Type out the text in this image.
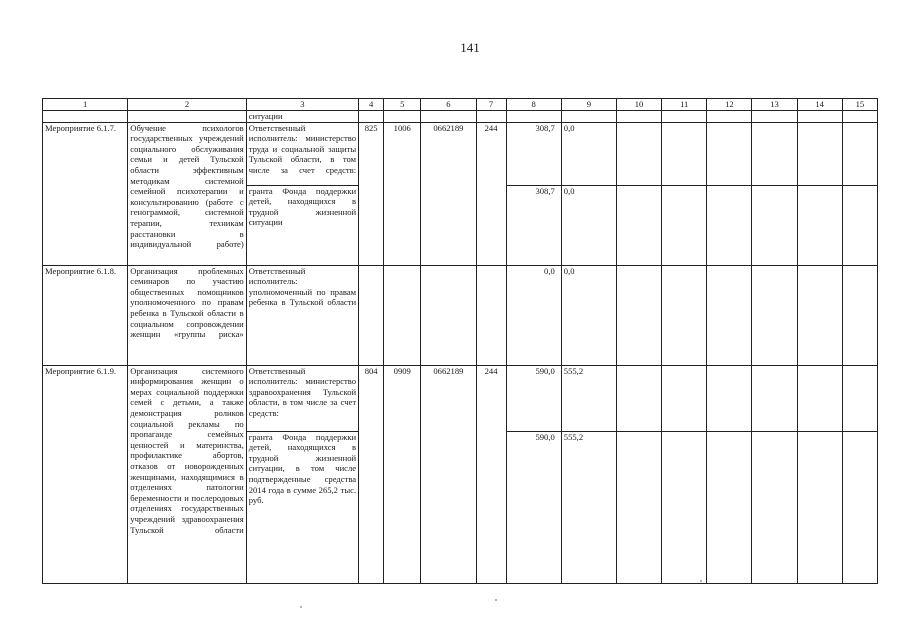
141
1	2	3	4	5	6	7	8	9	10	11	12	13	14	15
		ситуации												
Мероприятие 6.1.7.	Обучение психологов государственных учреждений социального обслуживания семьи и детей Тульской области эффективным методикам системной семейной психотерапии и консультированию (работе с генограммой, системной терапии, техникам расстановки в индивидуальной работе)	Ответственный исполнитель: министерство труда и социальной защиты Тульской области, в том числе за счет средств:	825	1006	0662189	244	308,7	0,0						
		гранта Фонда поддержки детей, находящихся в трудной жизненной ситуации					308,7	0,0						
Мероприятие 6.1.8.	Организация проблемных семинаров по участию общественных помощников уполномоченного по правам ребенка в Тульской области в социальном сопровождении женщин «группы риска»	Ответственный исполнитель: уполномоченный по правам ребенка в Тульской области					0,0	0,0						
Мероприятие 6.1.9.	Организация системного информирования женщин о мерах социальной поддержки семей с детьми, а также демонстрация роликов социальной рекламы по пропаганде семейных ценностей и материнства, профилактике абортов, отказов от новорожденных женщинами, находящимися в отделениях патологии беременности и послеродовых отделениях государственных учреждений здравоохранения Тульской области	Ответственный исполнитель: министерство здравоохранения Тульской области, в том числе за счет средств:	804	0909	0662189	244	590,0	555,2						
		гранта Фонда поддержки детей, находящихся в трудной жизненной ситуации, в том числе подтвержденные средства 2014 года в сумме 265,2 тыс. руб.					590,0	555,2						
